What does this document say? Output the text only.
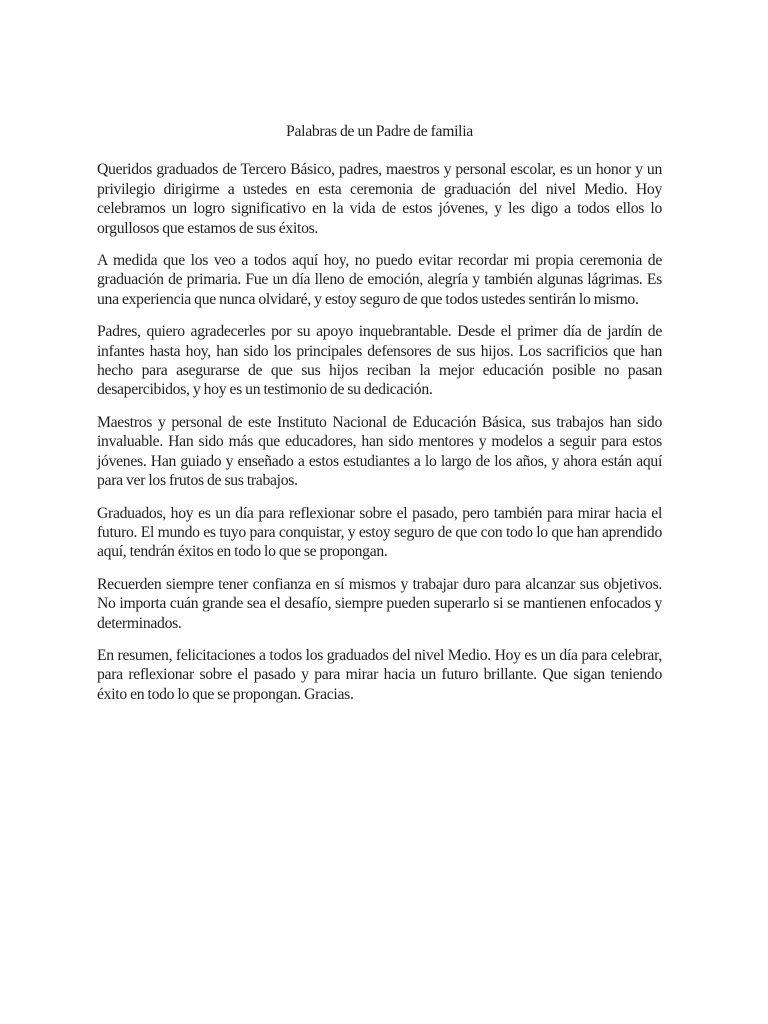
Palabras de un Padre de familia

Queridos graduados de Tercero Básico, padres, maestros y personal escolar, es un honor y un privilegio dirigirme a ustedes en esta ceremonia de graduación del nivel Medio. Hoy celebramos un logro significativo en la vida de estos jóvenes, y les digo a todos ellos lo orgullosos que estamos de sus éxitos.

A medida que los veo a todos aquí hoy, no puedo evitar recordar mi propia ceremonia de graduación de primaria. Fue un día lleno de emoción, alegría y también algunas lágrimas. Es una experiencia que nunca olvidaré, y estoy seguro de que todos ustedes sentirán lo mismo.

Padres, quiero agradecerles por su apoyo inquebrantable. Desde el primer día de jardín de infantes hasta hoy, han sido los principales defensores de sus hijos. Los sacrificios que han hecho para asegurarse de que sus hijos reciban la mejor educación posible no pasan desapercibidos, y hoy es un testimonio de su dedicación.

Maestros y personal de este Instituto Nacional de Educación Básica, sus trabajos han sido invaluable. Han sido más que educadores, han sido mentores y modelos a seguir para estos jóvenes. Han guiado y enseñado a estos estudiantes a lo largo de los años, y ahora están aquí para ver los frutos de sus trabajos.

Graduados, hoy es un día para reflexionar sobre el pasado, pero también para mirar hacia el futuro. El mundo es tuyo para conquistar, y estoy seguro de que con todo lo que han aprendido aquí, tendrán éxitos en todo lo que se propongan.

Recuerden siempre tener confianza en sí mismos y trabajar duro para alcanzar sus objetivos. No importa cuán grande sea el desafío, siempre pueden superarlo si se mantienen enfocados y determinados.

En resumen, felicitaciones a todos los graduados del nivel Medio. Hoy es un día para celebrar, para reflexionar sobre el pasado y para mirar hacia un futuro brillante. Que sigan teniendo éxito en todo lo que se propongan. Gracias.
